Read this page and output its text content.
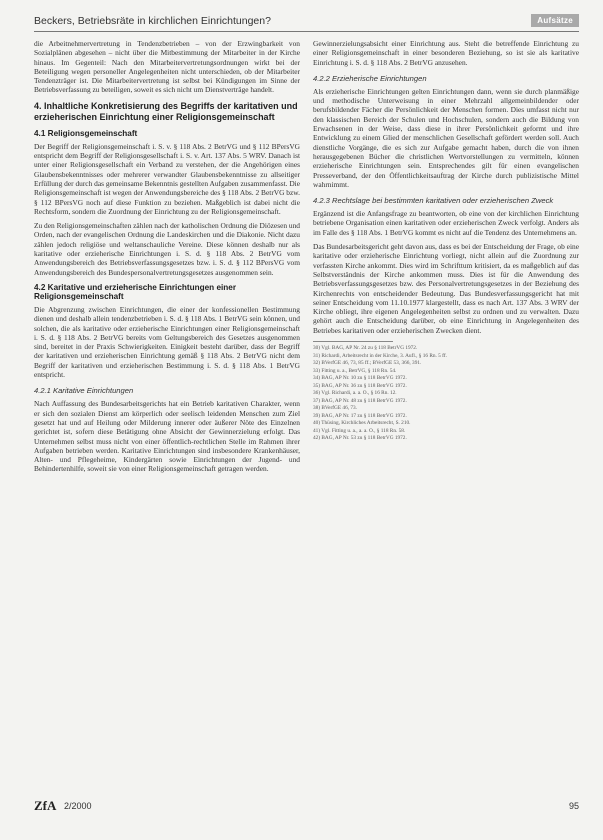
Beckers, Betriebsräte in kirchlichen Einrichtungen?	Aufsätze

die Arbeitnehmervertretung in Tendenzbetrieben – von der Erzwingbarkeit von Sozialplänen abgesehen – nicht über die Mitbestimmung der Mitarbeiter in der Kirche hinaus. Im Gegenteil: Nach den Mitarbeitervertretungsordnungen wirkt bei der Beteiligung wegen personeller Angelegenheiten nicht unterschieden, ob der Mitarbeiter Tendenzträger ist. Die Mitarbeitervertretung ist selbst bei Kündigungen im Sinne der Betriebsverfassung zu beteiligen, soweit es sich nicht um Dienstverträge handelt.

4. Inhaltliche Konkretisierung des Begriffs der karitativen und erzieherischen Einrichtung einer Religionsgemeinschaft
4.1 Religionsgemeinschaft

Der Begriff der Religionsgemeinschaft i. S. v. § 118 Abs. 2 BetrVG und § 112 BPersVG entspricht dem Begriff der Religionsgesellschaft i. S. v. Art. 137 Abs. 5 WRV. Danach ist unter einer Religionsgesellschaft ein Verband zu verstehen, der die Angehörigen eines Glaubensbekenntnisses oder mehrerer verwandter Glaubensbekenntnisse zu allseitiger Erfüllung der durch das gemeinsame Bekenntnis gestellten Aufgaben zusammenfasst. Die Religionsgemeinschaft ist wegen der Anwendungsbereiche des § 118 Abs. 2 BetrVG bzw. § 112 BPersVG noch auf diese Funktion zu beziehen. Maßgeblich ist dabei nicht die Rechtsform, sondern die Zuordnung der Einrichtung zu der Religionsgemeinschaft.

Zu den Religionsgemeinschaften zählen nach der katholischen Ordnung die Diözesen und Orden, nach der evangelischen Ordnung die Landeskirchen und die Diakonie. Nicht dazu zählen jedoch religiöse und weltanschauliche Vereine. Diese können deshalb nur als karitative oder erzieherische Einrichtungen i. S. d. § 118 Abs. 2 BetrVG vom Anwendungsbereich des Betriebsverfassungsgesetzes bzw. i. S. d. § 112 BPersVG vom Anwendungsbereich des Bundespersonalvertretungsgesetzes ausgenommen sein.

4.2 Karitative und erzieherische Einrichtungen einer Religionsgemeinschaft

Die Abgrenzung zwischen Einrichtungen, die einer der konfessionellen Bestimmung dienen und deshalb allein tendenzbetrieben i. S. d. § 118 Abs. 1 BetrVG sein können, und solchen, die als karitative oder erzieherische Einrichtungen einer Religionsgemeinschaft i. S. d. § 118 Abs. 2 BetrVG bereits vom Geltungsbereich des Gesetzes ausgenommen sind, bereitet in der Praxis Schwierigkeiten. Einigkeit besteht darüber, dass der Begriff der karitativen und erzieherischen Einrichtung gemäß § 118 Abs. 2 BetrVG nicht dem Begriff der karitativen und erzieherischen Bestimmung i. S. d. § 118 Abs. 1 BetrVG entspricht.

4.2.1 Karitative Einrichtungen

Nach Auffassung des Bundesarbeitsgerichts hat ein Betrieb karitativen Charakter, wenn er sich den sozialen Dienst am körperlich oder seelisch leidenden Menschen zum Ziel gesetzt hat und auf Heilung oder Milderung innerer oder äußerer Nöte des Einzelnen gerichtet ist, sofern diese Betätigung ohne Absicht der Gewinnerzielung erfolgt. Das Unternehmen selbst muss nicht von einer öffentlich-rechtlichen Stelle im Rahmen ihrer Aufgaben betrieben werden. Karitative Einrichtungen sind insbesondere Krankenhäuser, Alten- und Pflegeheime, Kindergärten sowie Einrichtungen der Jugend- und Behindertenhilfe, soweit sie von einer Religionsgemeinschaft getragen werden.

Gewinnerzielungsabsicht einer Einrichtung aus. Steht die betreffende Einrichtung zu einer Religionsgemeinschaft in einer besonderen Beziehung, so ist sie als karitative Einrichtung i. S. d. § 118 Abs. 2 BetrVG anzusehen.

4.2.2 Erzieherische Einrichtungen

Als erzieherische Einrichtungen gelten Einrichtungen dann, wenn sie durch planmäßige und methodische Unterweisung in einer Mehrzahl allgemeinbildender oder berufsbildender Fächer die Persönlichkeit der Menschen formen. Dies umfasst nicht nur den klassischen Bereich der Schulen und Hochschulen, sondern auch die Bildung von Erwachsenen in der Weise, dass diese in ihrer Persönlichkeit geformt und ihre Entwicklung zu einem Glied der menschlichen Gesellschaft gefördert werden soll. Auch dienstliche Vorgänge, die es sich zur Aufgabe gemacht haben, durch die von ihnen herausgegebenen Bücher die christlichen Wertvorstellungen zu vermitteln, können erzieherische Einrichtungen sein. Entsprechendes gilt für einen evangelischen Presseverband, der den Öffentlichkeitsauftrag der Kirche durch publizistische Mittel wahrnimmt.

4.2.3 Rechtslage bei bestimmten karitativen oder erzieherischen Zweck

Ergänzend ist die Anfangsfrage zu beantworten, ob eine von der kirchlichen Einrichtung betriebene Organisation einen karitativen oder erzieherischen Zweck verfolgt. Anders als im Falle des § 118 Abs. 1 BetrVG kommt es nicht auf die Tendenz des Unternehmens an.

Das Bundesarbeitsgericht geht davon aus, dass es bei der Entscheidung der Frage, ob eine karitative oder erzieherische Einrichtung vorliegt, nicht allein auf die Zuordnung zur verfassten Kirche ankommt. Dies wird im Schrifttum kritisiert, da es maßgeblich auf das Selbstverständnis der Kirche ankommen muss. Dies ist für die Anwendung des Betriebsverfassungsgesetzes bzw. des Personalvertretungsgesetzes in der Beziehung des Kirchenrechts von entscheidender Bedeutung. Das Bundesverfassungsgericht hat mit seiner Entscheidung vom 11.10.1977 klargestellt, dass es nach Art. 137 Abs. 3 WRV der Kirche obliegt, ihre eigenen Angelegenheiten selbst zu ordnen und zu verwalten. Dazu gehört auch die Entscheidung darüber, ob eine Einrichtung in Angelegenheiten des Betriebes karitativen oder erzieherischen Zwecken dient.

30) Vgl. BAG, AP Nr. 24 zu § 118 BetrVG 1972.

31) Richardi, Arbeitsrecht in der Kirche, 3. Aufl., § 16 Rn. 5 ff.

32) BVerfGE 46, 73, 85 ff.; BVerfGE 53, 366, 391.

33) Fitting u. a., BetrVG, § 118 Rn. 54.

34) BAG, AP Nr. 10 zu § 118 BetrVG 1972.

35) BAG, AP Nr. 36 zu § 118 BetrVG 1972.

36) Vgl. Richardi, a. a. O., § 16 Rn. 12.

37) BAG, AP Nr. 48 zu § 118 BetrVG 1972.

38) BVerfGE 46, 73.

39) BAG, AP Nr. 17 zu § 118 BetrVG 1972.

40) Thüsing, Kirchliches Arbeitsrecht, S. 210.

41) Vgl. Fitting u. a., a. a. O., § 118 Rn. 58.

42) BAG, AP Nr. 53 zu § 118 BetrVG 1972.

ZfA 2/2000	95
